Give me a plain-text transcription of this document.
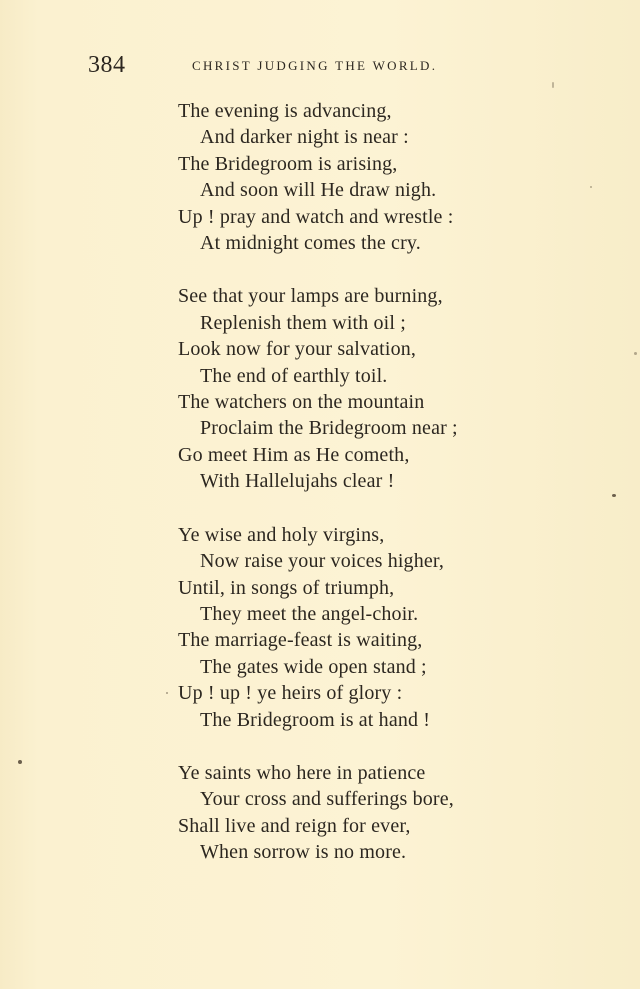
384	CHRIST JUDGING THE WORLD.
The evening is advancing,
And darker night is near :
The Bridegroom is arising,
And soon will He draw nigh.
Up ! pray and watch and wrestle :
At midnight comes the cry.
See that your lamps are burning,
Replenish them with oil ;
Look now for your salvation,
The end of earthly toil.
The watchers on the mountain
Proclaim the Bridegroom near ;
Go meet Him as He cometh,
With Hallelujahs clear !
Ye wise and holy virgins,
Now raise your voices higher,
Until, in songs of triumph,
They meet the angel-choir.
The marriage-feast is waiting,
The gates wide open stand ;
Up ! up ! ye heirs of glory :
The Bridegroom is at hand !
Ye saints who here in patience
Your cross and sufferings bore,
Shall live and reign for ever,
When sorrow is no more.
